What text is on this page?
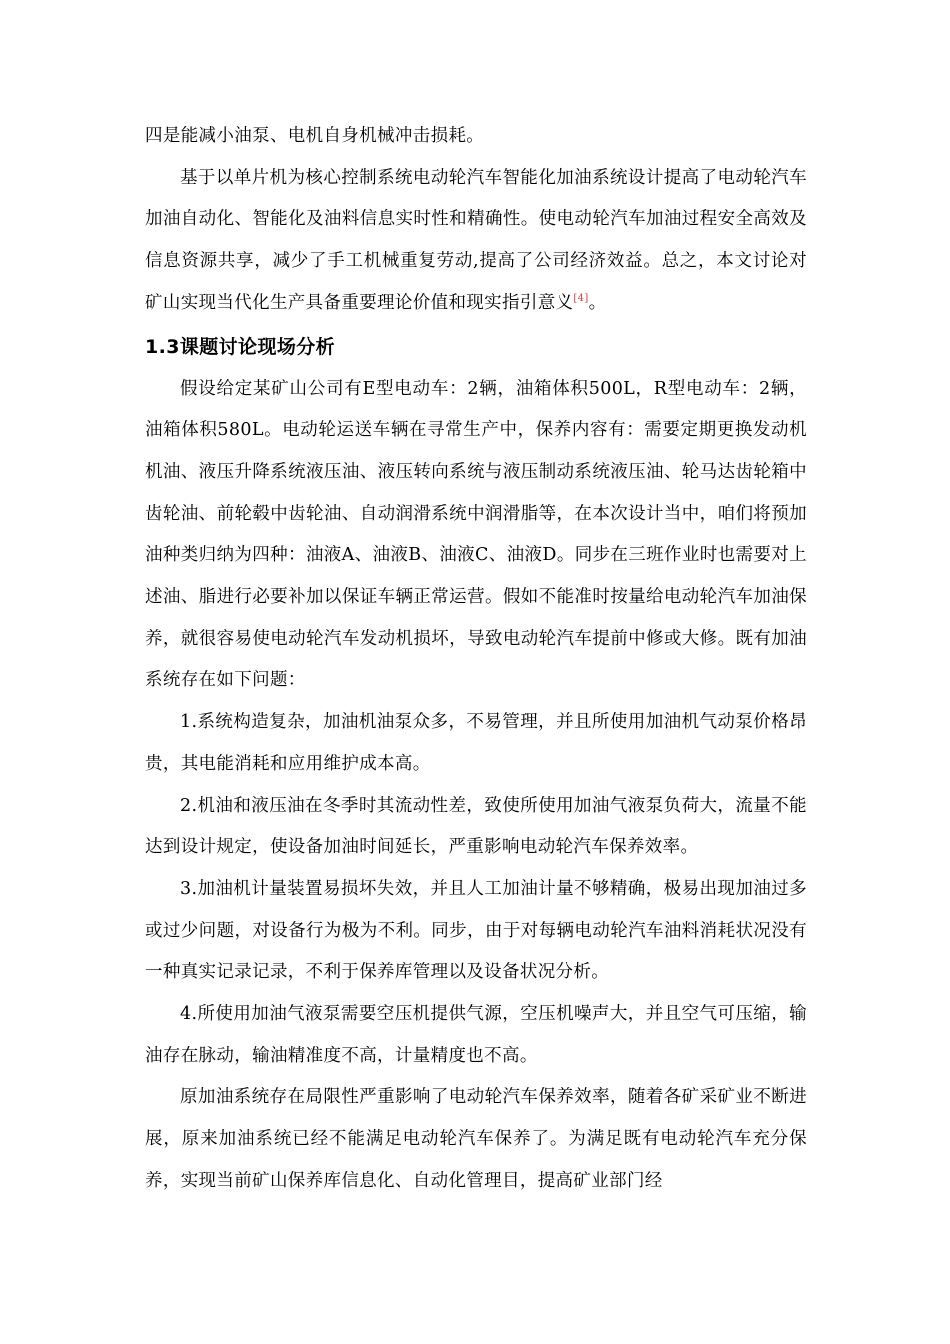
四是能减小油泵、电机自身机械冲击损耗。

基于以单片机为核心控制系统电动轮汽车智能化加油系统设计提高了电动轮汽车加油自动化、智能化及油料信息实时性和精确性。使电动轮汽车加油过程安全高效及信息资源共享，减少了手工机械重复劳动,提高了公司经济效益。总之，本文讨论对矿山实现当代化生产具备重要理论价值和现实指引意义[4]。

1.3课题讨论现场分析

假设给定某矿山公司有E型电动车：2辆，油箱体积500L，R型电动车：2辆，油箱体积580L。电动轮运送车辆在寻常生产中，保养内容有：需要定期更换发动机机油、液压升降系统液压油、液压转向系统与液压制动系统液压油、轮马达齿轮箱中齿轮油、前轮毂中齿轮油、自动润滑系统中润滑脂等，在本次设计当中，咱们将预加油种类归纳为四种：油液A、油液B、油液C、油液D。同步在三班作业时也需要对上述油、脂进行必要补加以保证车辆正常运营。假如不能准时按量给电动轮汽车加油保养，就很容易使电动轮汽车发动机损坏，导致电动轮汽车提前中修或大修。既有加油系统存在如下问题：

1.系统构造复杂，加油机油泵众多，不易管理，并且所使用加油机气动泵价格昂贵，其电能消耗和应用维护成本高。

2.机油和液压油在冬季时其流动性差，致使所使用加油气液泵负荷大，流量不能达到设计规定，使设备加油时间延长，严重影响电动轮汽车保养效率。

3.加油机计量装置易损坏失效，并且人工加油计量不够精确，极易出现加油过多或过少问题，对设备行为极为不利。同步，由于对每辆电动轮汽车油料消耗状况没有一种真实记录记录，不利于保养库管理以及设备状况分析。

4.所使用加油气液泵需要空压机提供气源，空压机噪声大，并且空气可压缩，输油存在脉动，输油精准度不高，计量精度也不高。

原加油系统存在局限性严重影响了电动轮汽车保养效率，随着各矿采矿业不断进展，原来加油系统已经不能满足电动轮汽车保养了。为满足既有电动轮汽车充分保养，实现当前矿山保养库信息化、自动化管理目，提高矿业部门经
